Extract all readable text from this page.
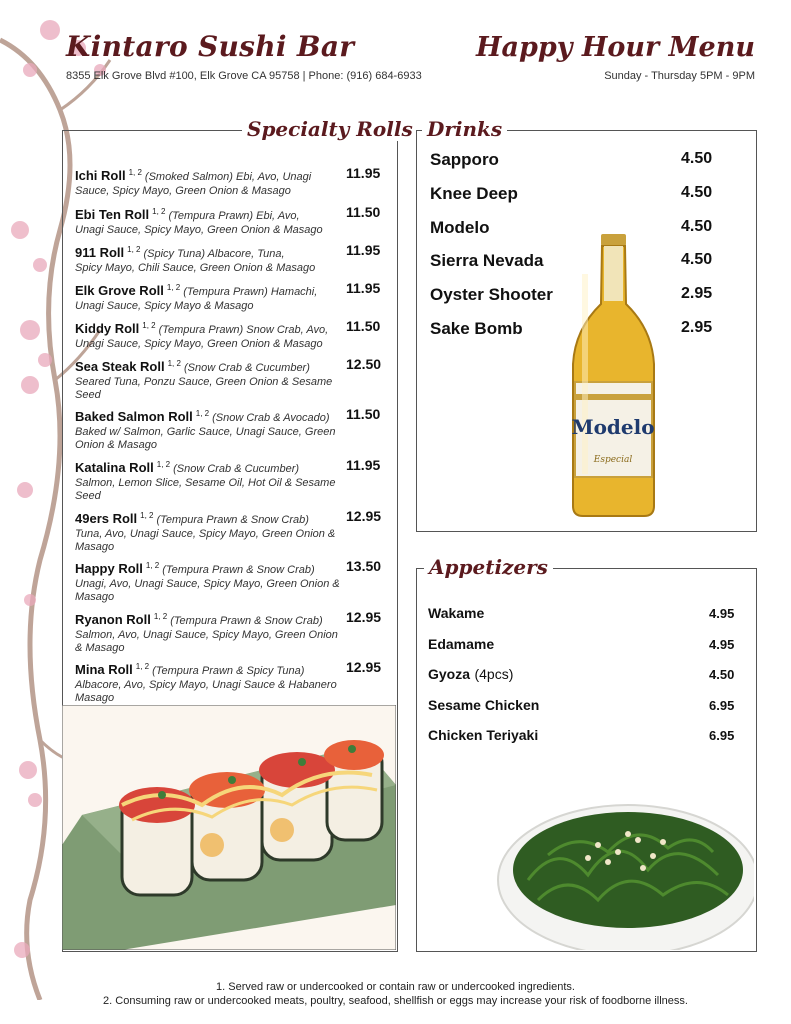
Kintaro Sushi Bar
8355 Elk Grove Blvd #100, Elk Grove CA 95758 | Phone: (916) 684-6933
Happy Hour Menu
Sunday - Thursday 5PM - 9PM
Specialty Rolls
Ichi Roll $^{1, 2}$ (Smoked Salmon) Ebi, Avo, Unagi
Sauce, Spicy Mayo, Green Onion & Masago
11.95
Ebi Ten Roll $^{1, 2}$ (Tempura Prawn) Ebi, Avo,
Unagi Sauce, Spicy Mayo, Green Onion & Masago
11.50
911 Roll $^{1, 2}$ (Spicy Tuna) Albacore, Tuna,
Spicy Mayo, Chili Sauce, Green Onion & Masago
11.95
Elk Grove Roll $^{1, 2}$ (Tempura Prawn) Hamachi,
Unagi Sauce, Spicy Mayo & Masago
11.95
Kiddy Roll $^{1, 2}$ (Tempura Prawn) Snow Crab, Avo,
Unagi Sauce, Spicy Mayo, Green Onion & Masago
11.50
Sea Steak Roll $^{1, 2}$ (Snow Crab & Cucumber)
Seared Tuna, Ponzu Sauce, Green Onion & Sesame Seed
12.50
Baked Salmon Roll $^{1, 2}$ (Snow Crab & Avocado)
Baked w/ Salmon, Garlic Sauce, Unagi Sauce, Green Onion & Masago
11.50
Katalina Roll $^{1, 2}$ (Snow Crab & Cucumber)
Salmon, Lemon Slice, Sesame Oil, Hot Oil & Sesame Seed
11.95
49ers Roll $^{1, 2}$ (Tempura Prawn & Snow Crab)
Tuna, Avo, Unagi Sauce, Spicy Mayo, Green Onion & Masago
12.95
Happy Roll $^{1, 2}$ (Tempura Prawn & Snow Crab)
Unagi, Avo, Unagi Sauce, Spicy Mayo, Green Onion & Masago
13.50
Ryanon Roll $^{1, 2}$ (Tempura Prawn & Snow Crab)
Salmon, Avo, Unagi Sauce, Spicy Mayo, Green Onion & Masago
12.95
Mina Roll $^{1, 2}$ (Tempura Prawn & Spicy Tuna)
Albacore, Avo, Spicy Mayo, Unagi Sauce & Habanero Masago
12.95
Drinks
Sapporo	4.50
Knee Deep	4.50
Modelo	4.50
Sierra Nevada	4.50
Oyster Shooter	2.95
Sake Bomb	2.95
Modelo
Especial
Appetizers
Wakame	4.95
Edamame	4.95
Gyoza (4pcs)	4.50
Sesame Chicken	6.95
Chicken Teriyaki	6.95
1. Served raw or undercooked or contain raw or undercooked ingredients.
2. Consuming raw or undercooked meats, poultry, seafood, shellfish or eggs may increase your risk of foodborne illness.
